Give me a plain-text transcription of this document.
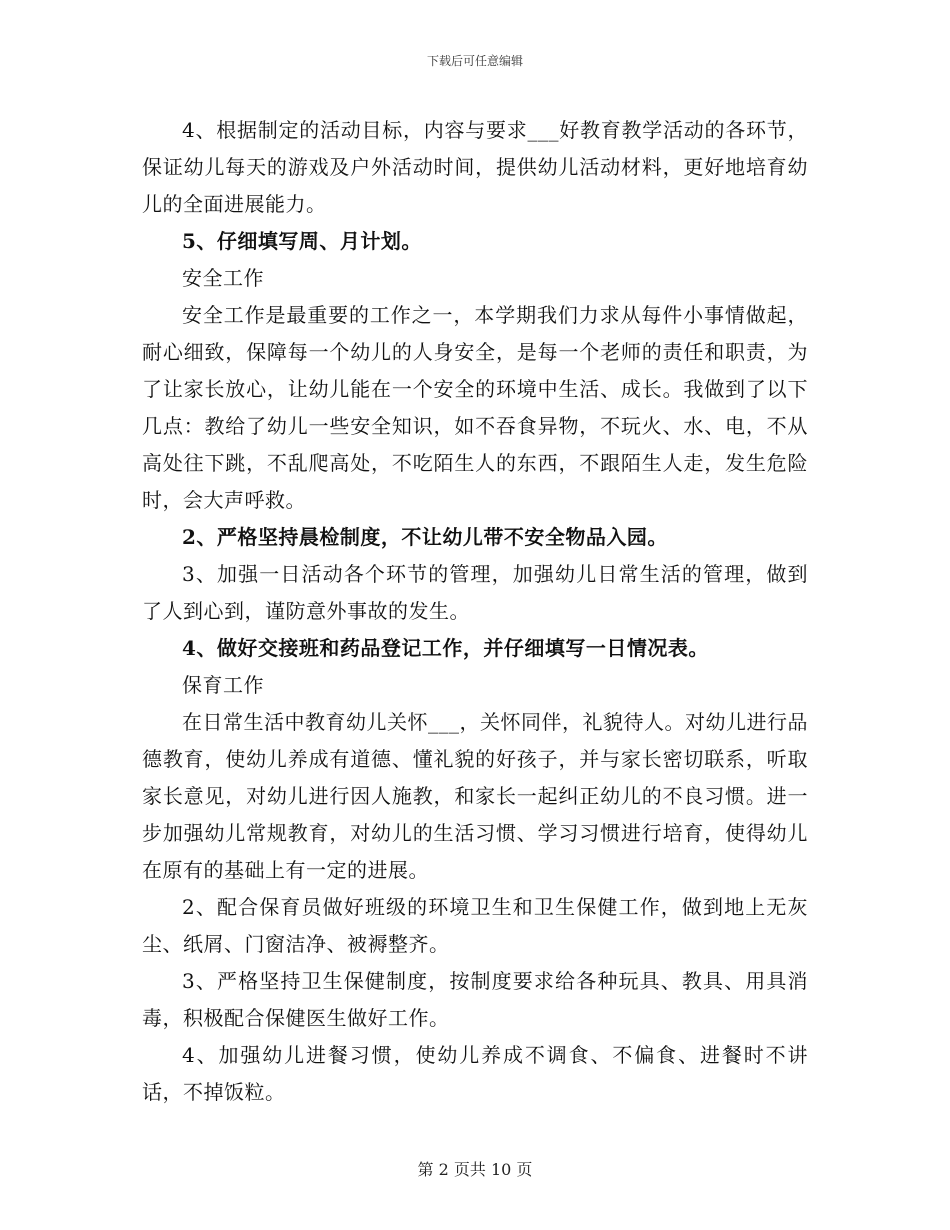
下载后可任意编辑

4、根据制定的活动目标，内容与要求___好教育教学活动的各环节，保证幼儿每天的游戏及户外活动时间，提供幼儿活动材料，更好地培育幼儿的全面进展能力。

5、仔细填写周、月计划。

安全工作

安全工作是最重要的工作之一，本学期我们力求从每件小事情做起，耐心细致，保障每一个幼儿的人身安全，是每一个老师的责任和职责，为了让家长放心，让幼儿能在一个安全的环境中生活、成长。我做到了以下几点：教给了幼儿一些安全知识，如不吞食异物，不玩火、水、电，不从高处往下跳，不乱爬高处，不吃陌生人的东西，不跟陌生人走，发生危险时，会大声呼救。

2、严格坚持晨检制度，不让幼儿带不安全物品入园。

3、加强一日活动各个环节的管理，加强幼儿日常生活的管理，做到了人到心到，谨防意外事故的发生。

4、做好交接班和药品登记工作，并仔细填写一日情况表。

保育工作

在日常生活中教育幼儿关怀___，关怀同伴，礼貌待人。对幼儿进行品德教育，使幼儿养成有道德、懂礼貌的好孩子，并与家长密切联系，听取家长意见，对幼儿进行因人施教，和家长一起纠正幼儿的不良习惯。进一步加强幼儿常规教育，对幼儿的生活习惯、学习习惯进行培育，使得幼儿在原有的基础上有一定的进展。

2、配合保育员做好班级的环境卫生和卫生保健工作，做到地上无灰尘、纸屑、门窗洁净、被褥整齐。

3、严格坚持卫生保健制度，按制度要求给各种玩具、教具、用具消毒，积极配合保健医生做好工作。

4、加强幼儿进餐习惯，使幼儿养成不调食、不偏食、进餐时不讲话，不掉饭粒。

第 2 页共 10 页
